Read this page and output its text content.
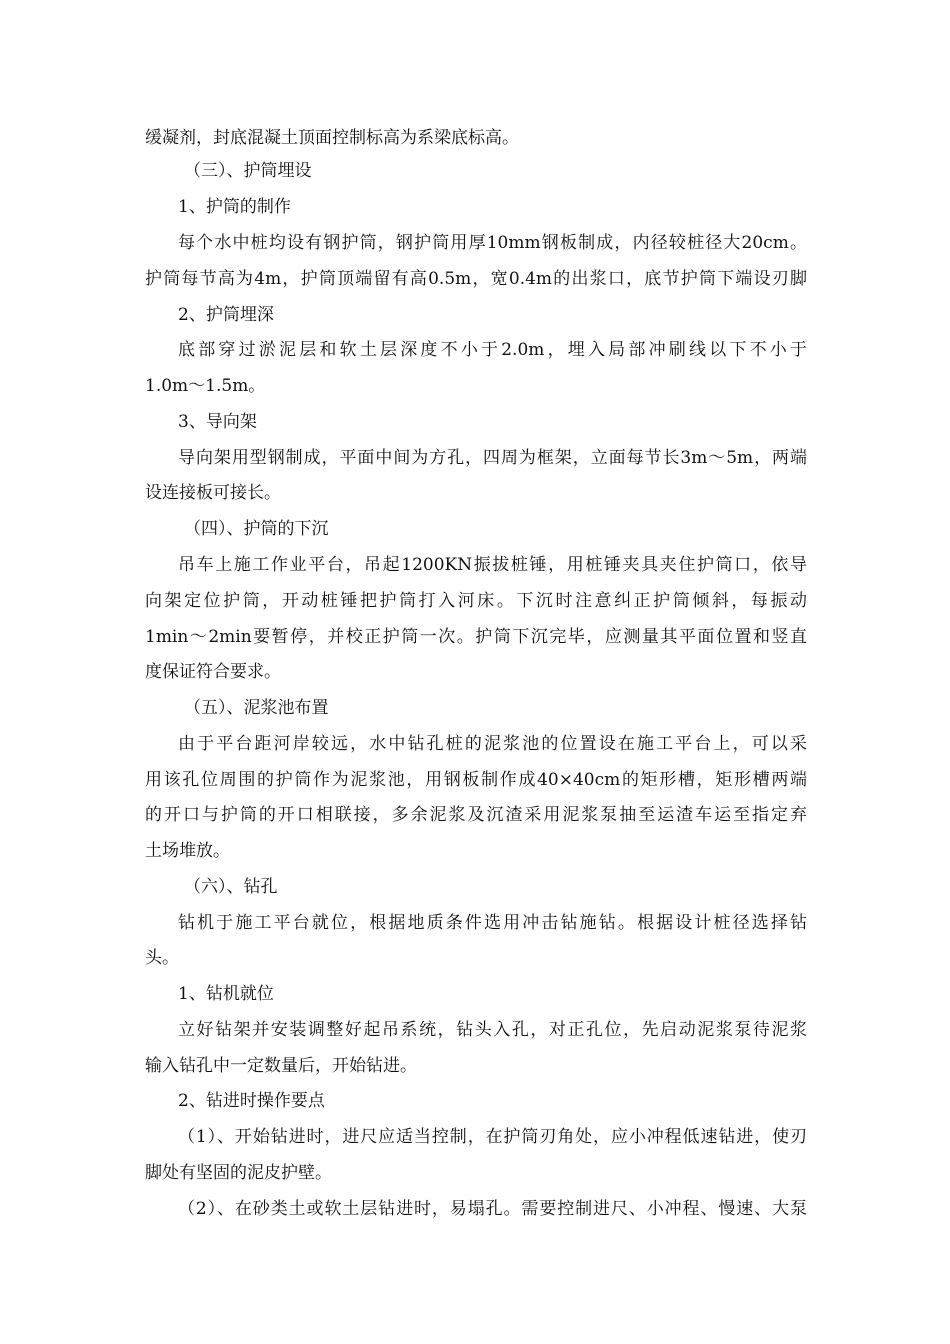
缓凝剂，封底混凝土顶面控制标高为系梁底标高。
（三）、护筒埋设
1、护筒的制作
每个水中桩均设有钢护筒，钢护筒用厚10mm钢板制成，内径较桩径大20cm。
护筒每节高为4m，护筒顶端留有高0.5m，宽0.4m的出浆口，底节护筒下端设刃脚
2、护筒埋深
底部穿过淤泥层和软土层深度不小于2.0m，埋入局部冲刷线以下不小于
1.0m～1.5m。
3、导向架
导向架用型钢制成，平面中间为方孔，四周为框架，立面每节长3m～5m，两端
设连接板可接长。
（四）、护筒的下沉
吊车上施工作业平台，吊起1200KN振拔桩锤，用桩锤夹具夹住护筒口，依导
向架定位护筒，开动桩锤把护筒打入河床。下沉时注意纠正护筒倾斜，每振动
1min～2min要暂停，并校正护筒一次。护筒下沉完毕，应测量其平面位置和竖直
度保证符合要求。
（五）、泥浆池布置
由于平台距河岸较远，水中钻孔桩的泥浆池的位置设在施工平台上，可以采
用该孔位周围的护筒作为泥浆池，用钢板制作成40×40cm的矩形槽，矩形槽两端
的开口与护筒的开口相联接，多余泥浆及沉渣采用泥浆泵抽至运渣车运至指定弃
土场堆放。
（六）、钻孔
钻机于施工平台就位，根据地质条件选用冲击钻施钻。根据设计桩径选择钻
头。
1、钻机就位
立好钻架并安装调整好起吊系统，钻头入孔，对正孔位，先启动泥浆泵待泥浆
输入钻孔中一定数量后，开始钻进。
2、钻进时操作要点
（1）、开始钻进时，进尺应适当控制，在护筒刃角处，应小冲程低速钻进，使刃
脚处有坚固的泥皮护壁。
（2）、在砂类土或软土层钻进时，易塌孔。需要控制进尺、小冲程、慢速、大泵
